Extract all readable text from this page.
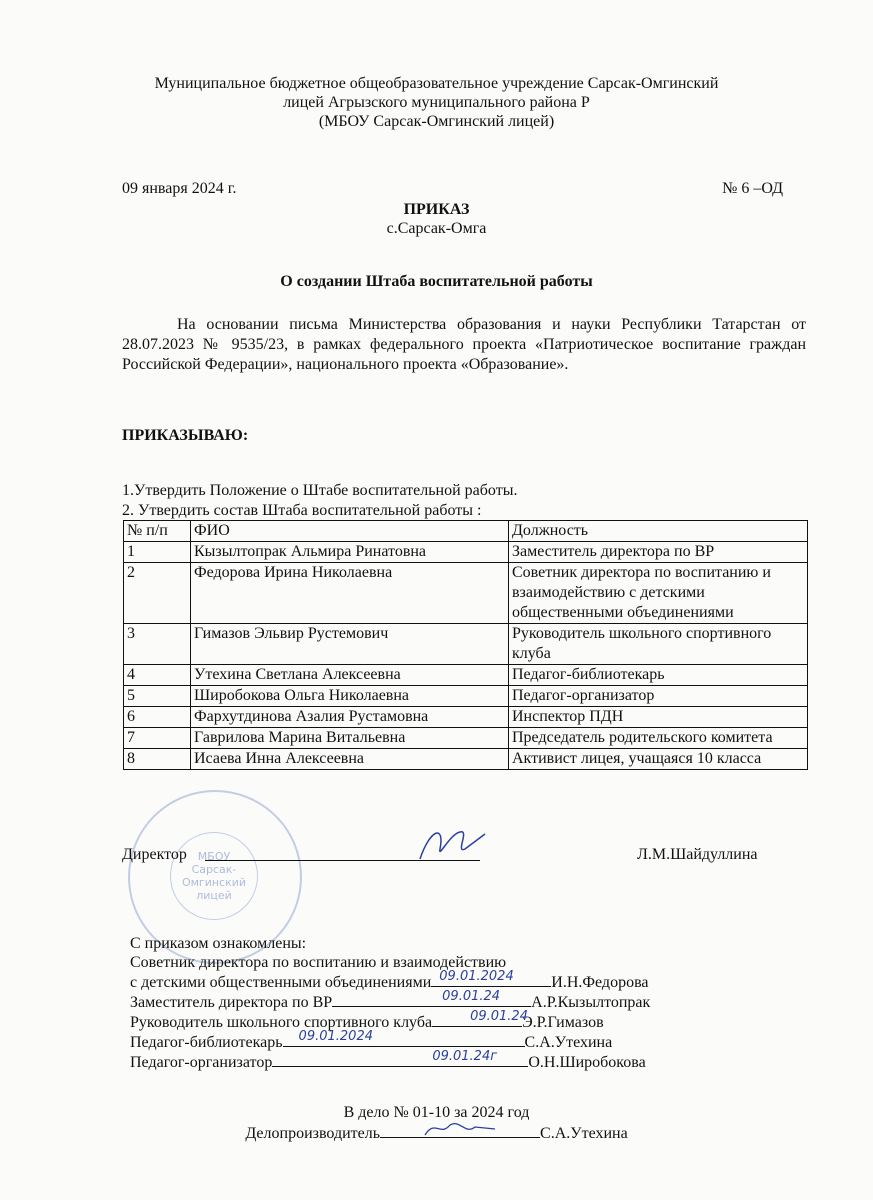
Муниципальное бюджетное общеобразовательное учреждение Сарсак-Омгинский
лицей Агрызского муниципального района Р
(МБОУ Сарсак-Омгинский лицей)
09 января 2024 г.	№ 6 –ОД
ПРИКАЗ
с.Сарсак-Омга
О создании Штаба воспитательной работы
На основании письма Министерства образования и науки Республики Татарстан от 28.07.2023 № 9535/23, в рамках федерального проекта «Патриотическое воспитание граждан Российской Федерации», национального проекта «Образование».
ПРИКАЗЫВАЮ:
1.Утвердить Положение о Штабе воспитательной работы.
2. Утвердить состав Штаба воспитательной работы :
№ п/п	ФИО	Должность
1	Кызылтопрак Альмира Ринатовна	Заместитель директора по ВР
2	Федорова Ирина Николаевна	Советник директора по воспитанию и взаимодействию с детскими общественными объединениями
3	Гимазов Эльвир Рустемович	Руководитель школьного спортивного клуба
4	Утехина Светлана Алексеевна	Педагог-библиотекарь
5	Широбокова Ольга Николаевна	Педагог-организатор
6	Фархутдинова Азалия Рустамовна	Инспектор ПДН
7	Гаврилова Марина Витальевна	Председатель родительского комитета
8	Исаева Инна Алексеевна	Активист лицея, учащаяся 10 класса
МБОУ
Сарсак-Омгинский
лицей
Директор	Л.М.Шайдуллина
С приказом ознакомлены:
Советник директора по воспитанию и взаимодействию
с детскими общественными объединениями 09.01.2024 И.Н.Федорова
Заместитель директора по ВР	09.01.24 А.Р.Кызылтопрак
Руководитель школьного спортивного клуба	09.01.24
Э.Р.Гимазов
Педагог-библиотекарь 09.01.2024	С.А.Утехина
Педагог-организатор	09.01.24г О.Н.Широбокова
В дело № 01-10 за 2024 год
Делопроизводитель	С.А.Утехина
